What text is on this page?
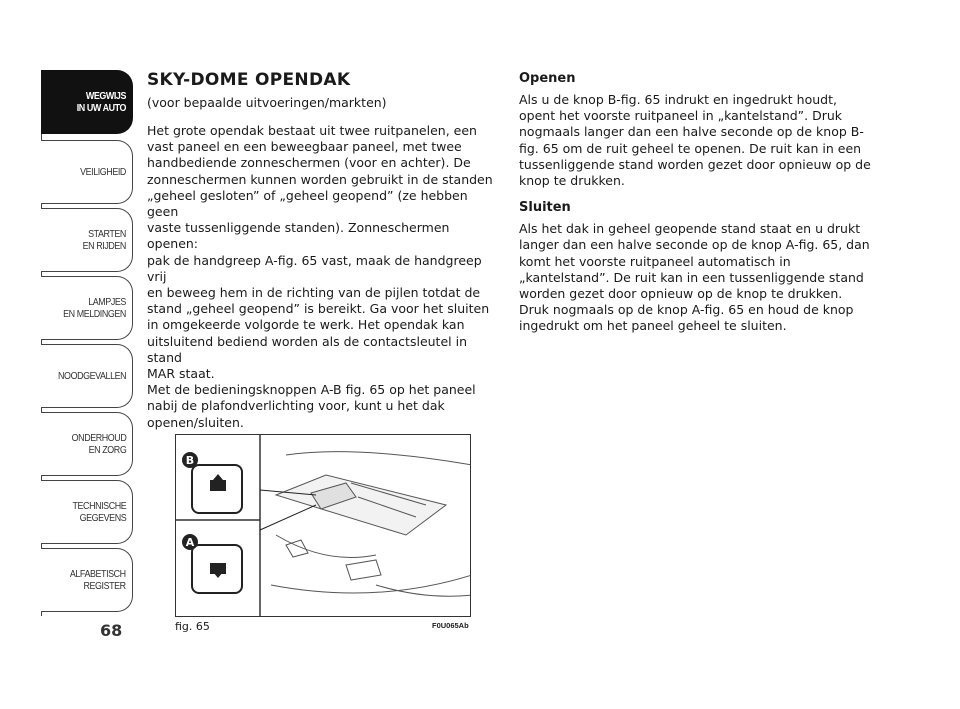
WEGWIJS
IN UW AUTO
VEILIGHEID
STARTEN
EN RIJDEN
LAMPJES
EN MELDINGEN
NOODGEVALLEN
ONDERHOUD
EN ZORG
TECHNISCHE
GEGEVENS
ALFABETISCH
REGISTER
68
SKY-DOME OPENDAK

(voor bepaalde uitvoeringen/markten)

Het grote opendak bestaat uit twee ruitpanelen, een
vast paneel en een beweegbaar paneel, met twee
handbediende zonneschermen (voor en achter). De
zonneschermen kunnen worden gebruikt in de standen
„geheel gesloten” of „geheel geopend” (ze hebben geen
vaste tussenliggende standen). Zonneschermen openen:
pak de handgreep A-fig. 65 vast, maak de handgreep vrij
en beweeg hem in de richting van de pijlen totdat de
stand „geheel geopend” is bereikt. Ga voor het sluiten
in omgekeerde volgorde te werk. Het opendak kan
uitsluitend bediend worden als de contactsleutel in stand
MAR staat.
Met de bedieningsknoppen A-B fig. 65 op het paneel
nabij de plafondverlichting voor, kunt u het dak
openen/sluiten.

Openen

Als u de knop B-fig. 65 indrukt en ingedrukt houdt,
opent het voorste ruitpaneel in „kantelstand”. Druk
nogmaals langer dan een halve seconde op de knop B-
fig. 65 om de ruit geheel te openen. De ruit kan in een
tussenliggende stand worden gezet door opnieuw op de
knop te drukken.

Sluiten

Als het dak in geheel geopende stand staat en u drukt
langer dan een halve seconde op de knop A-fig. 65, dan
komt het voorste ruitpaneel automatisch in
„kantelstand”. De ruit kan in een tussenliggende stand
worden gezet door opnieuw op de knop te drukken.
Druk nogmaals op de knop A-fig. 65 en houd de knop
ingedrukt om het paneel geheel te sluiten.

B
A
fig. 65	F0U065Ab
